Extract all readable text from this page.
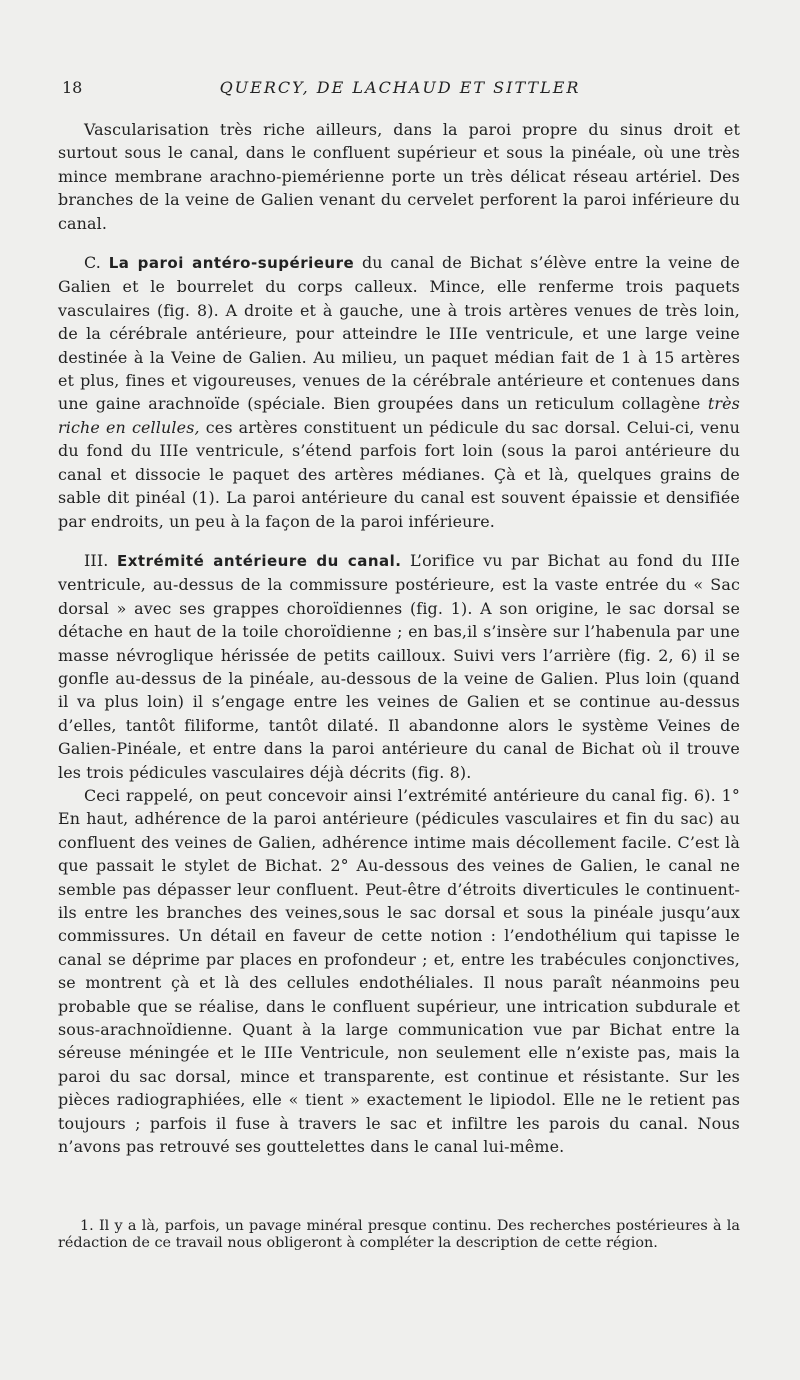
18	QUERCY, DE LACHAUD ET SITTLER

Vascularisation très riche ailleurs, dans la paroi propre du sinus droit et surtout sous le canal, dans le confluent supérieur et sous la pinéale, où une très mince membrane arachno-piemérienne porte un très délicat réseau artériel. Des branches de la veine de Galien venant du cervelet perforent la paroi inférieure du canal.

C. La paroi antéro-supérieure du canal de Bichat s’élève entre la veine de Galien et le bourrelet du corps calleux. Mince, elle renferme trois paquets vasculaires (fig. 8). A droite et à gauche, une à trois artères venues de très loin, de la cérébrale antérieure, pour atteindre le IIIe ventricule, et une large veine destinée à la Veine de Galien. Au milieu, un paquet médian fait de 1 à 15 artères et plus, fines et vigoureuses, venues de la cérébrale antérieure et contenues dans une gaine arachnoïde (spéciale. Bien groupées dans un reticulum collagène très riche en cellules, ces artères constituent un pédicule du sac dorsal. Celui-ci, venu du fond du IIIe ventricule, s’étend parfois fort loin (sous la paroi antérieure du canal et dissocie le paquet des artères médianes. Çà et là, quelques grains de sable dit pinéal (1). La paroi antérieure du canal est souvent épaissie et densifiée par endroits, un peu à la façon de la paroi inférieure.

III. Extrémité antérieure du canal. L’orifice vu par Bichat au fond du IIIe ventricule, au-dessus de la commissure postérieure, est la vaste entrée du « Sac dorsal » avec ses grappes choroïdiennes (fig. 1). A son origine, le sac dorsal se détache en haut de la toile choroïdienne ; en bas,il s’insère sur l’habenula par une masse névroglique hérissée de petits cailloux. Suivi vers l’arrière (fig. 2, 6) il se gonfle au-dessus de la pinéale, au-dessous de la veine de Galien. Plus loin (quand il va plus loin) il s’engage entre les veines de Galien et se continue au-dessus d’elles, tantôt filiforme, tantôt dilaté. Il abandonne alors le système Veines de Galien-Pinéale, et entre dans la paroi antérieure du canal de Bichat où il trouve les trois pédicules vasculaires déjà décrits (fig. 8).

Ceci rappelé, on peut concevoir ainsi l’extrémité antérieure du canal fig. 6). 1° En haut, adhérence de la paroi antérieure (pédicules vasculaires et fin du sac) au confluent des veines de Galien, adhérence intime mais décollement facile. C’est là que passait le stylet de Bichat. 2° Au-dessous des veines de Galien, le canal ne semble pas dépasser leur confluent. Peut-être d’étroits diverticules le continuent-ils entre les branches des veines,sous le sac dorsal et sous la pinéale jusqu’aux commissures. Un détail en faveur de cette notion : l’endothélium qui tapisse le canal se déprime par places en profondeur ; et, entre les trabécules conjonctives, se montrent çà et là des cellules endothéliales. Il nous paraît néanmoins peu probable que se réalise, dans le confluent supérieur, une intrication subdurale et sous-arachnoïdienne. Quant à la large communication vue par Bichat entre la séreuse méningée et le IIIe Ventricule, non seulement elle n’existe pas, mais la paroi du sac dorsal, mince et transparente, est continue et résistante. Sur les pièces radiographiées, elle « tient » exactement le lipiodol. Elle ne le retient pas toujours ; parfois il fuse à travers le sac et infiltre les parois du canal. Nous n’avons pas retrouvé ses gouttelettes dans le canal lui-même.

1. Il y a là, parfois, un pavage minéral presque continu. Des recherches postérieures à la rédaction de ce travail nous obligeront à compléter la description de cette région.
